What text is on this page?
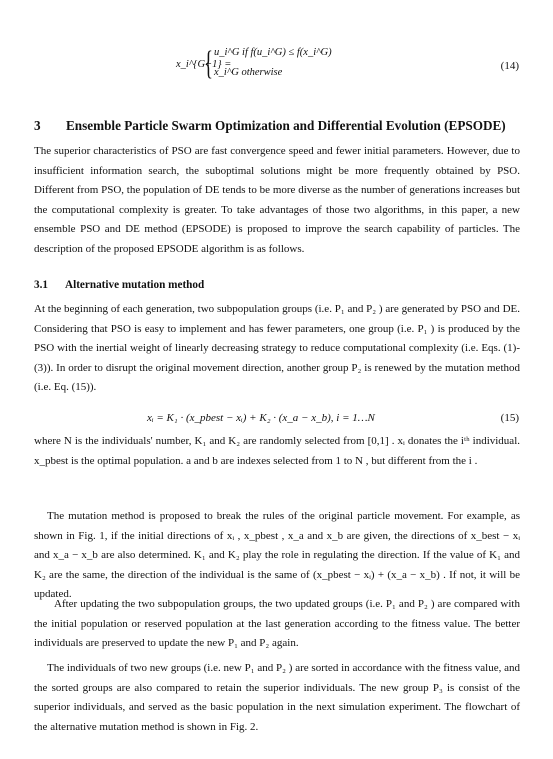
x_i^{G+1} =
{ u_i^G if f(u_i^G) ≤ f(x_i^G)
x_i^G otherwise
(14)
3 Ensemble Particle Swarm Optimization and Differential Evolution (EPSODE)
The superior characteristics of PSO are fast convergence speed and fewer initial parameters. However, due to insufficient information search, the suboptimal solutions might be more frequently obtained by PSO. Different from PSO, the population of DE tends to be more diverse as the number of generations increases but the computational complexity is greater. To take advantages of those two algorithms, in this paper, a new ensemble PSO and DE method (EPSODE) is proposed to improve the search capability of particles. The description of the proposed EPSODE algorithm is as follows.
3.1 Alternative mutation method
At the beginning of each generation, two subpopulation groups (i.e. P₁ and P₂ ) are generated by PSO and DE. Considering that PSO is easy to implement and has fewer parameters, one group (i.e. P₁ ) is produced by the PSO with the inertial weight of linearly decreasing strategy to reduce computational complexity (i.e. Eqs. (1)-(3)). In order to disrupt the original movement direction, another group P₂ is renewed by the mutation method (i.e. Eq. (15)).
xᵢ = K₁ · (x_pbest − xᵢ) + K₂ · (x_a − x_b), i = 1…N	(15)
where N is the individuals' number, K₁ and K₂ are randomly selected from [0,1] . xᵢ donates the iᵗʰ individual. x_pbest is the optimal population. a and b are indexes selected from 1 to N , but different from the i .
The mutation method is proposed to break the rules of the original particle movement. For example, as shown in Fig. 1, if the initial directions of xᵢ , x_pbest , x_a and x_b are given, the directions of x_best − xᵢ and x_a − x_b are also determined. K₁ and K₂ play the role in regulating the direction. If the value of K₁ and K₂ are the same, the direction of the individual is the same of (x_pbest − xᵢ) + (x_a − x_b) . If not, it will be updated.
After updating the two subpopulation groups, the two updated groups (i.e. P₁ and P₂ ) are compared with the initial population or reserved population at the last generation according to the fitness value. The better individuals are preserved to update the new P₁ and P₂ again.
The individuals of two new groups (i.e. new P₁ and P₂ ) are sorted in accordance with the fitness value, and the sorted groups are also compared to retain the superior individuals. The new group P₃ is consist of the superior individuals, and served as the basic population in the next simulation experiment. The flowchart of the alternative mutation method is shown in Fig. 2.
